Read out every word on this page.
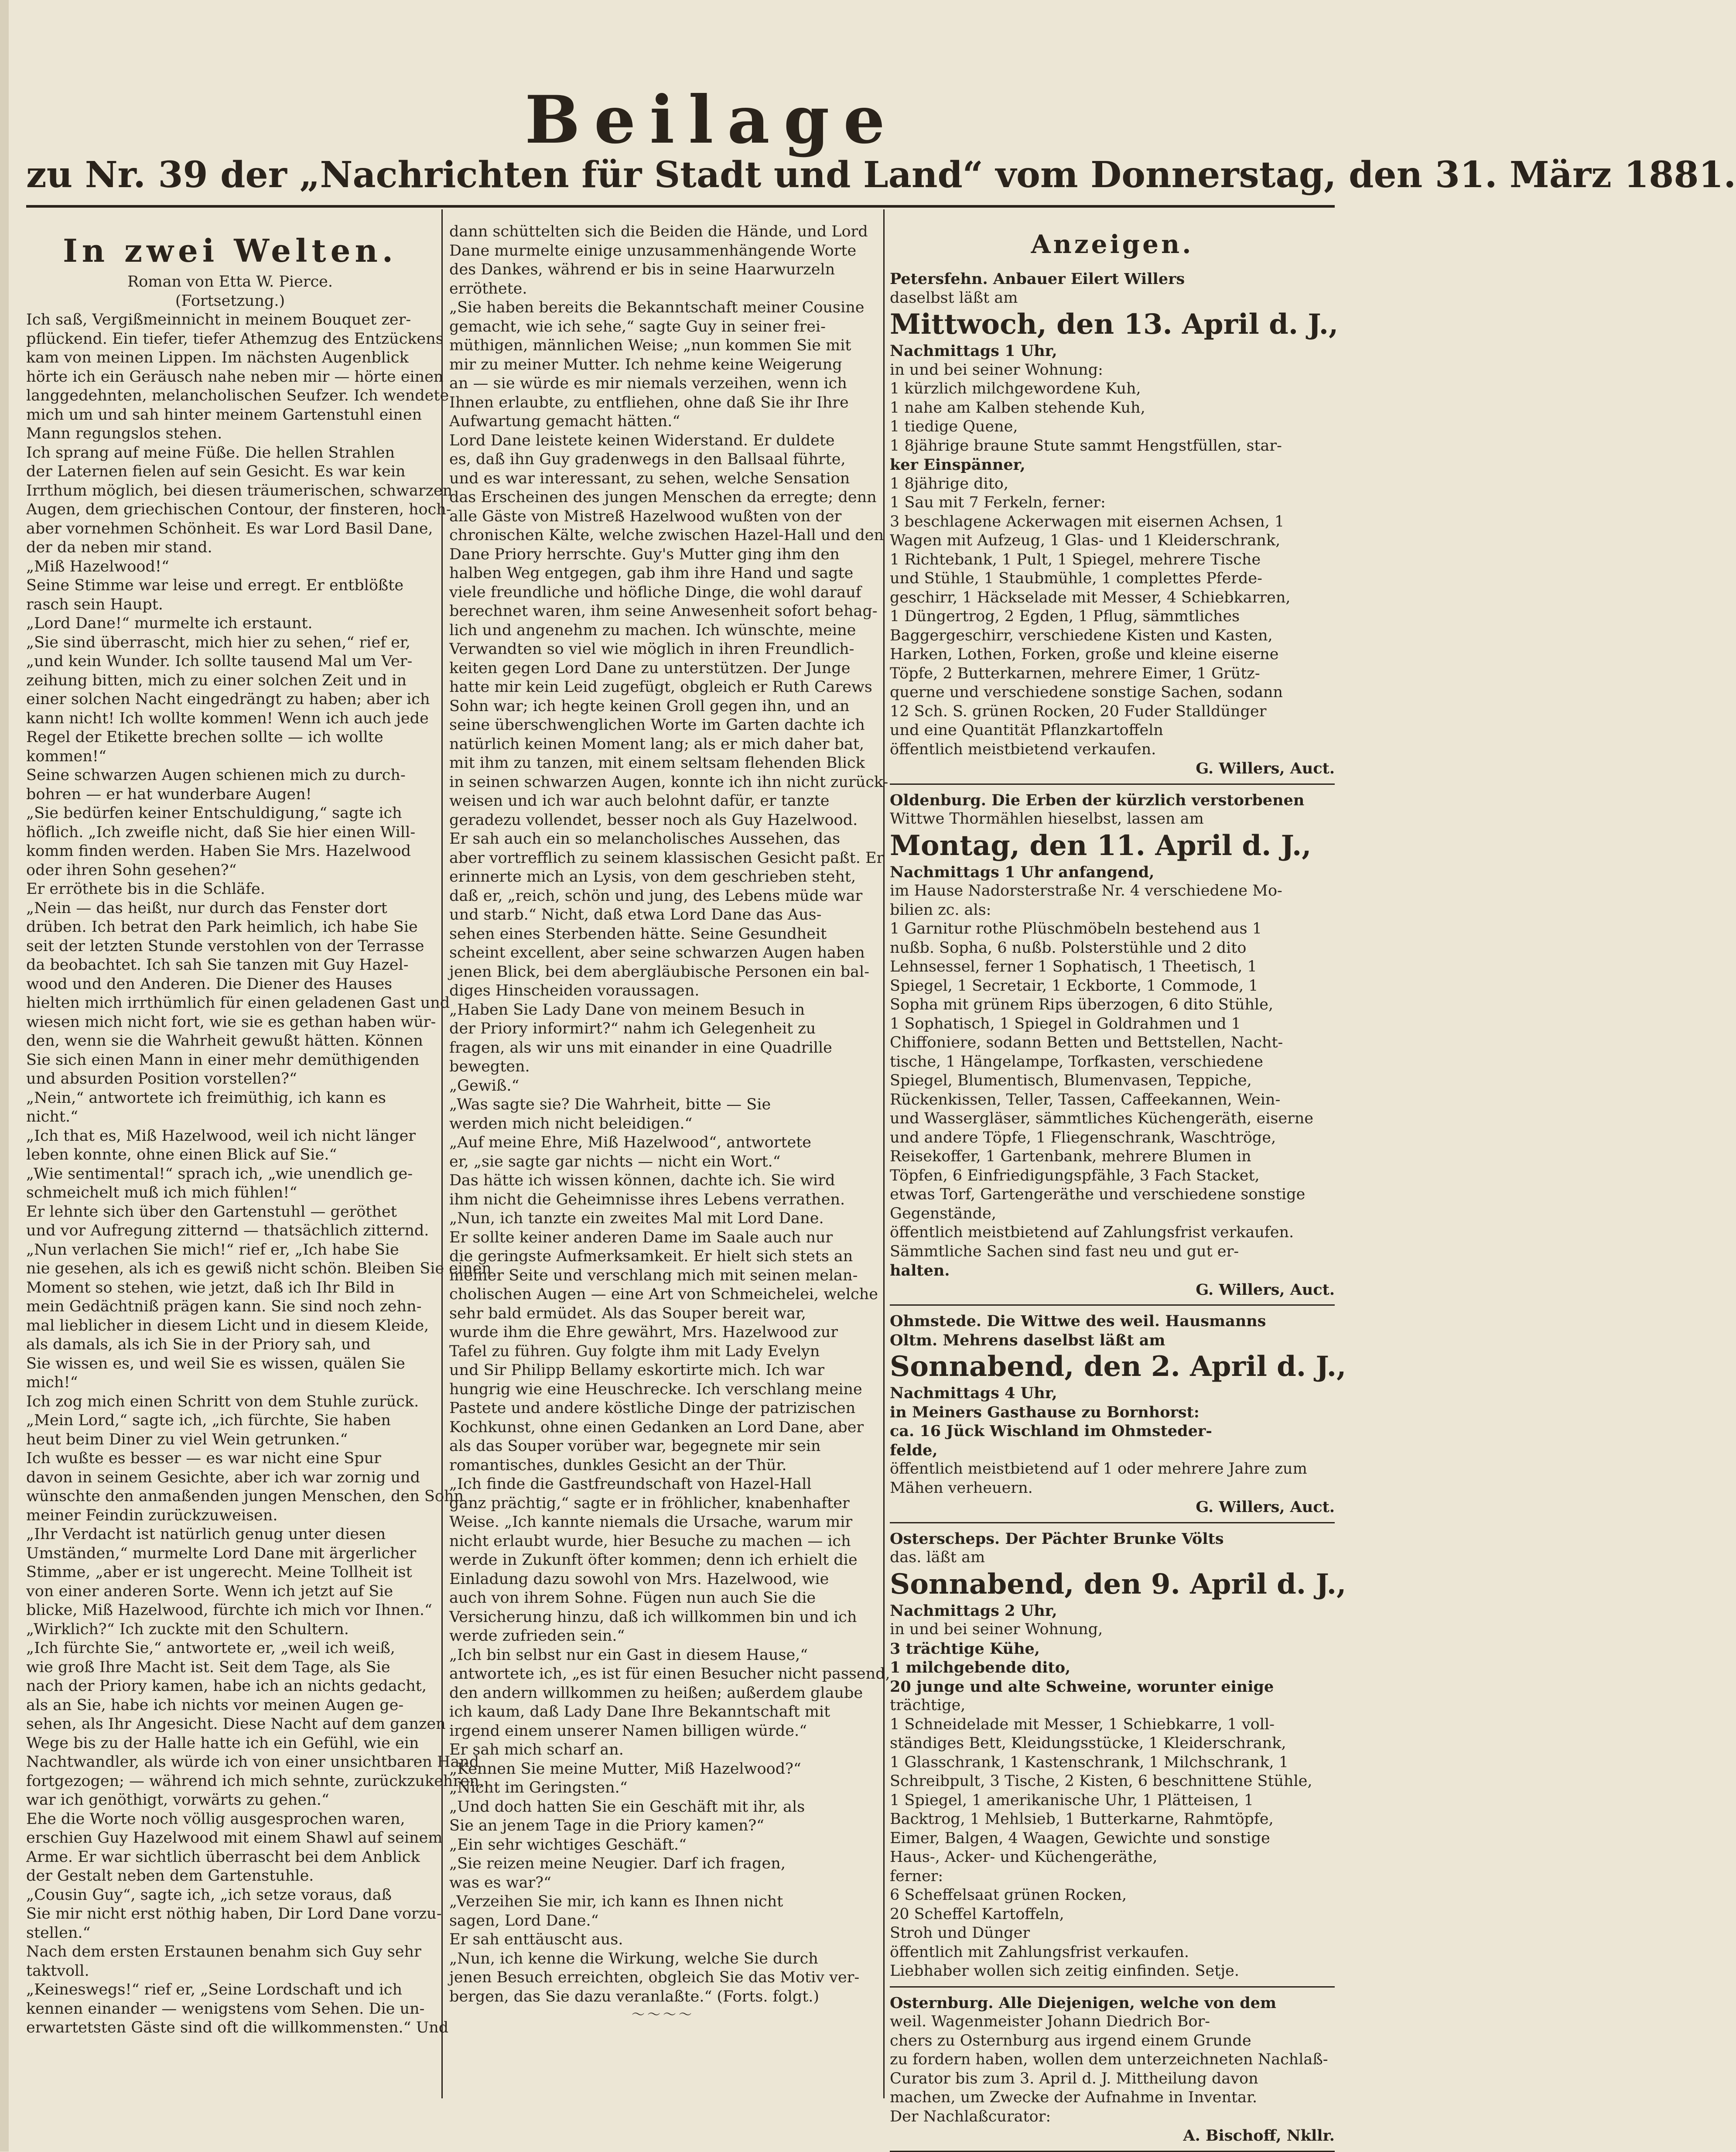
Beilage
zu Nr. 39 der „Nachrichten für Stadt und Land“ vom Donnerstag, den 31. März 1881.
In zwei Welten.
Roman von Etta W. Pierce.
(Fortsetzung.)
Ich saß, Vergißmeinnicht in meinem Bouquet zer-
pflückend. Ein tiefer, tiefer Athemzug des Entzückens
kam von meinen Lippen. Im nächsten Augenblick
hörte ich ein Geräusch nahe neben mir — hörte einen
langgedehnten, melancholischen Seufzer. Ich wendete
mich um und sah hinter meinem Gartenstuhl einen
Mann regungslos stehen.
Ich sprang auf meine Füße. Die hellen Strahlen
der Laternen fielen auf sein Gesicht. Es war kein
Irrthum möglich, bei diesen träumerischen, schwarzen
Augen, dem griechischen Contour, der finsteren, hoch-
aber vornehmen Schönheit. Es war Lord Basil Dane,
der da neben mir stand.
„Miß Hazelwood!“
Seine Stimme war leise und erregt. Er entblößte
rasch sein Haupt.
„Lord Dane!“ murmelte ich erstaunt.
„Sie sind überrascht, mich hier zu sehen,“ rief er,
„und kein Wunder. Ich sollte tausend Mal um Ver-
zeihung bitten, mich zu einer solchen Zeit und in
einer solchen Nacht eingedrängt zu haben; aber ich
kann nicht! Ich wollte kommen! Wenn ich auch jede
Regel der Etikette brechen sollte — ich wollte
kommen!“
Seine schwarzen Augen schienen mich zu durch-
bohren — er hat wunderbare Augen!
„Sie bedürfen keiner Entschuldigung,“ sagte ich
höflich. „Ich zweifle nicht, daß Sie hier einen Will-
komm finden werden. Haben Sie Mrs. Hazelwood
oder ihren Sohn gesehen?“
Er erröthete bis in die Schläfe.
„Nein — das heißt, nur durch das Fenster dort
drüben. Ich betrat den Park heimlich, ich habe Sie
seit der letzten Stunde verstohlen von der Terrasse
da beobachtet. Ich sah Sie tanzen mit Guy Hazel-
wood und den Anderen. Die Diener des Hauses
hielten mich irrthümlich für einen geladenen Gast und
wiesen mich nicht fort, wie sie es gethan haben wür-
den, wenn sie die Wahrheit gewußt hätten. Können
Sie sich einen Mann in einer mehr demüthigenden
und absurden Position vorstellen?“
„Nein,“ antwortete ich freimüthig, ich kann es
nicht.“
„Ich that es, Miß Hazelwood, weil ich nicht länger
leben konnte, ohne einen Blick auf Sie.“
„Wie sentimental!“ sprach ich, „wie unendlich ge-
schmeichelt muß ich mich fühlen!“
Er lehnte sich über den Gartenstuhl — geröthet
und vor Aufregung zitternd — thatsächlich zitternd.
„Nun verlachen Sie mich!“ rief er, „Ich habe Sie
nie gesehen, als ich es gewiß nicht schön. Bleiben Sie einen
Moment so stehen, wie jetzt, daß ich Ihr Bild in
mein Gedächtniß prägen kann. Sie sind noch zehn-
mal lieblicher in diesem Licht und in diesem Kleide,
als damals, als ich Sie in der Priory sah, und
Sie wissen es, und weil Sie es wissen, quälen Sie
mich!“
Ich zog mich einen Schritt von dem Stuhle zurück.
„Mein Lord,“ sagte ich, „ich fürchte, Sie haben
heut beim Diner zu viel Wein getrunken.“
Ich wußte es besser — es war nicht eine Spur
davon in seinem Gesichte, aber ich war zornig und
wünschte den anmaßenden jungen Menschen, den Sohn
meiner Feindin zurückzuweisen.
„Ihr Verdacht ist natürlich genug unter diesen
Umständen,“ murmelte Lord Dane mit ärgerlicher
Stimme, „aber er ist ungerecht. Meine Tollheit ist
von einer anderen Sorte. Wenn ich jetzt auf Sie
blicke, Miß Hazelwood, fürchte ich mich vor Ihnen.“
„Wirklich?“ Ich zuckte mit den Schultern.
„Ich fürchte Sie,“ antwortete er, „weil ich weiß,
wie groß Ihre Macht ist. Seit dem Tage, als Sie
nach der Priory kamen, habe ich an nichts gedacht,
als an Sie, habe ich nichts vor meinen Augen ge-
sehen, als Ihr Angesicht. Diese Nacht auf dem ganzen
Wege bis zu der Halle hatte ich ein Gefühl, wie ein
Nachtwandler, als würde ich von einer unsichtbaren Hand
fortgezogen; — während ich mich sehnte, zurückzukehren,
war ich genöthigt, vorwärts zu gehen.“
Ehe die Worte noch völlig ausgesprochen waren,
erschien Guy Hazelwood mit einem Shawl auf seinem
Arme. Er war sichtlich überrascht bei dem Anblick
der Gestalt neben dem Gartenstuhle.
„Cousin Guy“, sagte ich, „ich setze voraus, daß
Sie mir nicht erst nöthig haben, Dir Lord Dane vorzu-
stellen.“
Nach dem ersten Erstaunen benahm sich Guy sehr
taktvoll.
„Keineswegs!“ rief er, „Seine Lordschaft und ich
kennen einander — wenigstens vom Sehen. Die un-
erwartetsten Gäste sind oft die willkommensten.“ Und
dann schüttelten sich die Beiden die Hände, und Lord
Dane murmelte einige unzusammenhängende Worte
des Dankes, während er bis in seine Haarwurzeln
erröthete.
„Sie haben bereits die Bekanntschaft meiner Cousine
gemacht, wie ich sehe,“ sagte Guy in seiner frei-
müthigen, männlichen Weise; „nun kommen Sie mit
mir zu meiner Mutter. Ich nehme keine Weigerung
an — sie würde es mir niemals verzeihen, wenn ich
Ihnen erlaubte, zu entfliehen, ohne daß Sie ihr Ihre
Aufwartung gemacht hätten.“
Lord Dane leistete keinen Widerstand. Er duldete
es, daß ihn Guy gradenwegs in den Ballsaal führte,
und es war interessant, zu sehen, welche Sensation
das Erscheinen des jungen Menschen da erregte; denn
alle Gäste von Mistreß Hazelwood wußten von der
chronischen Kälte, welche zwischen Hazel-Hall und den
Dane Priory herrschte. Guy's Mutter ging ihm den
halben Weg entgegen, gab ihm ihre Hand und sagte
viele freundliche und höfliche Dinge, die wohl darauf
berechnet waren, ihm seine Anwesenheit sofort behag-
lich und angenehm zu machen. Ich wünschte, meine
Verwandten so viel wie möglich in ihren Freundlich-
keiten gegen Lord Dane zu unterstützen. Der Junge
hatte mir kein Leid zugefügt, obgleich er Ruth Carews
Sohn war; ich hegte keinen Groll gegen ihn, und an
seine überschwenglichen Worte im Garten dachte ich
natürlich keinen Moment lang; als er mich daher bat,
mit ihm zu tanzen, mit einem seltsam flehenden Blick
in seinen schwarzen Augen, konnte ich ihn nicht zurück-
weisen und ich war auch belohnt dafür, er tanzte
geradezu vollendet, besser noch als Guy Hazelwood.
Er sah auch ein so melancholisches Aussehen, das
aber vortrefflich zu seinem klassischen Gesicht paßt. Er
erinnerte mich an Lysis, von dem geschrieben steht,
daß er, „reich, schön und jung, des Lebens müde war
und starb.“ Nicht, daß etwa Lord Dane das Aus-
sehen eines Sterbenden hätte. Seine Gesundheit
scheint excellent, aber seine schwarzen Augen haben
jenen Blick, bei dem abergläubische Personen ein bal-
diges Hinscheiden voraussagen.
„Haben Sie Lady Dane von meinem Besuch in
der Priory informirt?“ nahm ich Gelegenheit zu
fragen, als wir uns mit einander in eine Quadrille
bewegten.
„Gewiß.“
„Was sagte sie? Die Wahrheit, bitte — Sie
werden mich nicht beleidigen.“
„Auf meine Ehre, Miß Hazelwood“, antwortete
er, „sie sagte gar nichts — nicht ein Wort.“
Das hätte ich wissen können, dachte ich. Sie wird
ihm nicht die Geheimnisse ihres Lebens verrathen.
„Nun, ich tanzte ein zweites Mal mit Lord Dane.
Er sollte keiner anderen Dame im Saale auch nur
die geringste Aufmerksamkeit. Er hielt sich stets an
meiner Seite und verschlang mich mit seinen melan-
cholischen Augen — eine Art von Schmeichelei, welche
sehr bald ermüdet. Als das Souper bereit war,
wurde ihm die Ehre gewährt, Mrs. Hazelwood zur
Tafel zu führen. Guy folgte ihm mit Lady Evelyn
und Sir Philipp Bellamy eskortirte mich. Ich war
hungrig wie eine Heuschrecke. Ich verschlang meine
Pastete und andere köstliche Dinge der patrizischen
Kochkunst, ohne einen Gedanken an Lord Dane, aber
als das Souper vorüber war, begegnete mir sein
romantisches, dunkles Gesicht an der Thür.
„Ich finde die Gastfreundschaft von Hazel-Hall
ganz prächtig,“ sagte er in fröhlicher, knabenhafter
Weise. „Ich kannte niemals die Ursache, warum mir
nicht erlaubt wurde, hier Besuche zu machen — ich
werde in Zukunft öfter kommen; denn ich erhielt die
Einladung dazu sowohl von Mrs. Hazelwood, wie
auch von ihrem Sohne. Fügen nun auch Sie die
Versicherung hinzu, daß ich willkommen bin und ich
werde zufrieden sein.“
„Ich bin selbst nur ein Gast in diesem Hause,“
antwortete ich, „es ist für einen Besucher nicht passend,
den andern willkommen zu heißen; außerdem glaube
ich kaum, daß Lady Dane Ihre Bekanntschaft mit
irgend einem unserer Namen billigen würde.“
Er sah mich scharf an.
„Kennen Sie meine Mutter, Miß Hazelwood?“
„Nicht im Geringsten.“
„Und doch hatten Sie ein Geschäft mit ihr, als
Sie an jenem Tage in die Priory kamen?“
„Ein sehr wichtiges Geschäft.“
„Sie reizen meine Neugier. Darf ich fragen,
was es war?“
„Verzeihen Sie mir, ich kann es Ihnen nicht
sagen, Lord Dane.“
Er sah enttäuscht aus.
„Nun, ich kenne die Wirkung, welche Sie durch
jenen Besuch erreichten, obgleich Sie das Motiv ver-
bergen, das Sie dazu veranlaßte.“ (Forts. folgt.)
〜〜〜〜
Anzeigen.
Petersfehn. Anbauer Eilert Willers
daselbst läßt am
Mittwoch, den 13. April d. J.,
Nachmittags 1 Uhr,
in und bei seiner Wohnung:
1 kürzlich milchgewordene Kuh,
1 nahe am Kalben stehende Kuh,
1 tiedige Quene,
1 8jährige braune Stute sammt Hengstfüllen, star-
ker Einspänner,
1 8jährige dito,
1 Sau mit 7 Ferkeln, ferner:
3 beschlagene Ackerwagen mit eisernen Achsen, 1
Wagen mit Aufzeug, 1 Glas- und 1 Kleiderschrank,
1 Richtebank, 1 Pult, 1 Spiegel, mehrere Tische
und Stühle, 1 Staubmühle, 1 complettes Pferde-
geschirr, 1 Häckselade mit Messer, 4 Schiebkarren,
1 Düngertrog, 2 Egden, 1 Pflug, sämmtliches
Baggergeschirr, verschiedene Kisten und Kasten,
Harken, Lothen, Forken, große und kleine eiserne
Töpfe, 2 Butterkarnen, mehrere Eimer, 1 Grütz-
querne und verschiedene sonstige Sachen, sodann
12 Sch. S. grünen Rocken, 20 Fuder Stalldünger
und eine Quantität Pflanzkartoffeln
öffentlich meistbietend verkaufen.
G. Willers, Auct.
Oldenburg. Die Erben der kürzlich verstorbenen
Wittwe Thormählen hieselbst, lassen am
Montag, den 11. April d. J.,
Nachmittags 1 Uhr anfangend,
im Hause Nadorsterstraße Nr. 4 verschiedene Mo-
bilien zc. als:
1 Garnitur rothe Plüschmöbeln bestehend aus 1
nußb. Sopha, 6 nußb. Polsterstühle und 2 dito
Lehnsessel, ferner 1 Sophatisch, 1 Theetisch, 1
Spiegel, 1 Secretair, 1 Eckborte, 1 Commode, 1
Sopha mit grünem Rips überzogen, 6 dito Stühle,
1 Sophatisch, 1 Spiegel in Goldrahmen und 1
Chiffoniere, sodann Betten und Bettstellen, Nacht-
tische, 1 Hängelampe, Torfkasten, verschiedene
Spiegel, Blumentisch, Blumenvasen, Teppiche,
Rückenkissen, Teller, Tassen, Caffeekannen, Wein-
und Wassergläser, sämmtliches Küchengeräth, eiserne
und andere Töpfe, 1 Fliegenschrank, Waschtröge,
Reisekoffer, 1 Gartenbank, mehrere Blumen in
Töpfen, 6 Einfriedigungspfähle, 3 Fach Stacket,
etwas Torf, Gartengeräthe und verschiedene sonstige
Gegenstände,
öffentlich meistbietend auf Zahlungsfrist verkaufen.
Sämmtliche Sachen sind fast neu und gut er-
halten.
G. Willers, Auct.
Ohmstede. Die Wittwe des weil. Hausmanns
Oltm. Mehrens daselbst läßt am
Sonnabend, den 2. April d. J.,
Nachmittags 4 Uhr,
in Meiners Gasthause zu Bornhorst:
ca. 16 Jück Wischland im Ohmsteder-
felde,
öffentlich meistbietend auf 1 oder mehrere Jahre zum
Mähen verheuern.
G. Willers, Auct.
Osterscheps. Der Pächter Brunke Völts
das. läßt am
Sonnabend, den 9. April d. J.,
Nachmittags 2 Uhr,
in und bei seiner Wohnung,
3 trächtige Kühe,
1 milchgebende dito,
20 junge und alte Schweine, worunter einige
trächtige,
1 Schneidelade mit Messer, 1 Schiebkarre, 1 voll-
ständiges Bett, Kleidungsstücke, 1 Kleiderschrank,
1 Glasschrank, 1 Kastenschrank, 1 Milchschrank, 1
Schreibpult, 3 Tische, 2 Kisten, 6 beschnittene Stühle,
1 Spiegel, 1 amerikanische Uhr, 1 Plätteisen, 1
Backtrog, 1 Mehlsieb, 1 Butterkarne, Rahmtöpfe,
Eimer, Balgen, 4 Waagen, Gewichte und sonstige
Haus-, Acker- und Küchengeräthe,
ferner:
6 Scheffelsaat grünen Rocken,
20 Scheffel Kartoffeln,
Stroh und Dünger
öffentlich mit Zahlungsfrist verkaufen.
Liebhaber wollen sich zeitig einfinden. Setje.
Osternburg. Alle Diejenigen, welche von dem
weil. Wagenmeister Johann Diedrich Bor-
chers zu Osternburg aus irgend einem Grunde
zu fordern haben, wollen dem unterzeichneten Nachlaß-
Curator bis zum 3. April d. J. Mittheilung davon
machen, um Zwecke der Aufnahme in Inventar.
Der Nachlaßcurator:
A. Bischoff, Nkllr.
